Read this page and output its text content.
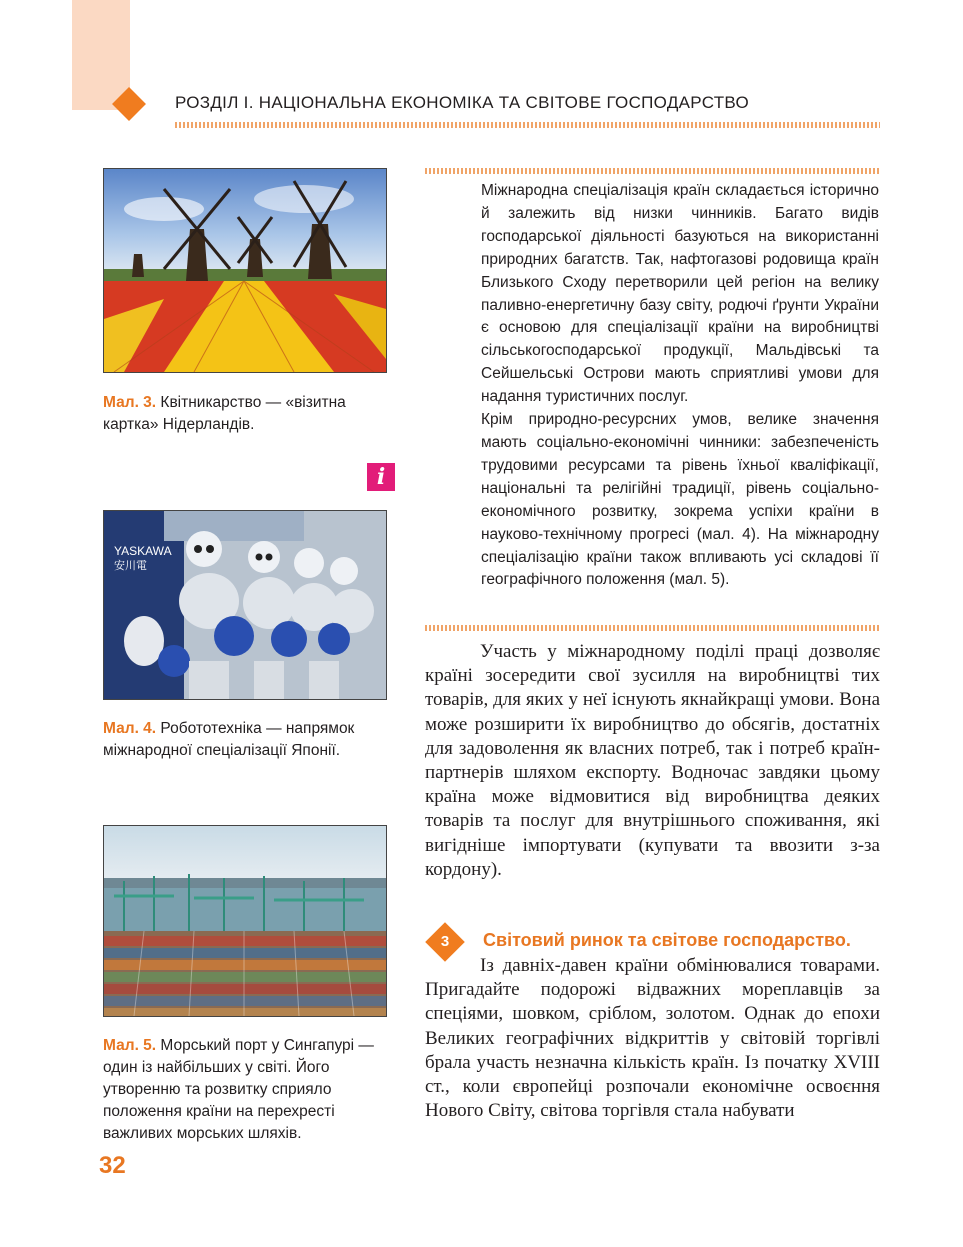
РОЗДІЛ І. НАЦІОНАЛЬНА ЕКОНОМІКА ТА СВІТОВЕ ГОСПОДАРСТВО
Мал. 3. Квітникарство — «візитна картка» Нідерландів.
i
YASKAWA
安川電
Мал. 4. Робототехніка — напрямок міжнародної спеціалізації Японії.
Мал. 5. Морський порт у Сингапурі — один із найбільших у світі. Його утворенню та розвитку сприяло положення країни на перехресті важливих морських шляхів.

Міжнародна спеціалізація країн складається історично й залежить від низки чинників. Багато видів господарської діяльності базуються на використанні природних багатств. Так, нафтогазові родовища країн Близького Сходу перетворили цей регіон на велику паливно-енергетичну базу світу, родючі ґрунти України є основою для спеціалізації країни на виробництві сільськогосподарської продукції, Мальдівські та Сейшельські Острови мають сприятливі умови для надання туристичних послуг.

Крім природно-ресурсних умов, велике значення мають соціально-економічні чинники: забезпеченість трудовими ресурсами та рівень їхньої кваліфікації, національні та релігійні традиції, рівень соціально-економічного розвитку, зокрема успіхи країни в науково-технічному прогресі (мал. 4). На міжнародну спеціалізацію країни також впливають усі складові її географічного положення (мал. 5).

Участь у міжнародному поділі праці дозволяє країні зосередити свої зусилля на виробництві тих товарів, для яких у неї існують якнайкращі умови. Вона може розширити їх виробництво до обсягів, достатніх для задоволення як власних потреб, так і потреб країн-партнерів шляхом експорту. Водночас завдяки цьому країна може відмовитися від виробництва деяких товарів та послуг для внутрішнього споживання, які вигідніше імпортувати (купувати та ввозити з-за кордону).

3	Світовий ринок та світове господарство.

Із давніх-давен країни обмінювалися товарами. Пригадайте подорожі відважних мореплавців за спеціями, шовком, сріблом, золотом. Однак до епохи Великих географічних відкриттів у світовій торгівлі брала участь незначна кількість країн. Із початку XVIII ст., коли європейці розпочали економічне освоєння Нового Світу, світова торгівля стала набувати

32
